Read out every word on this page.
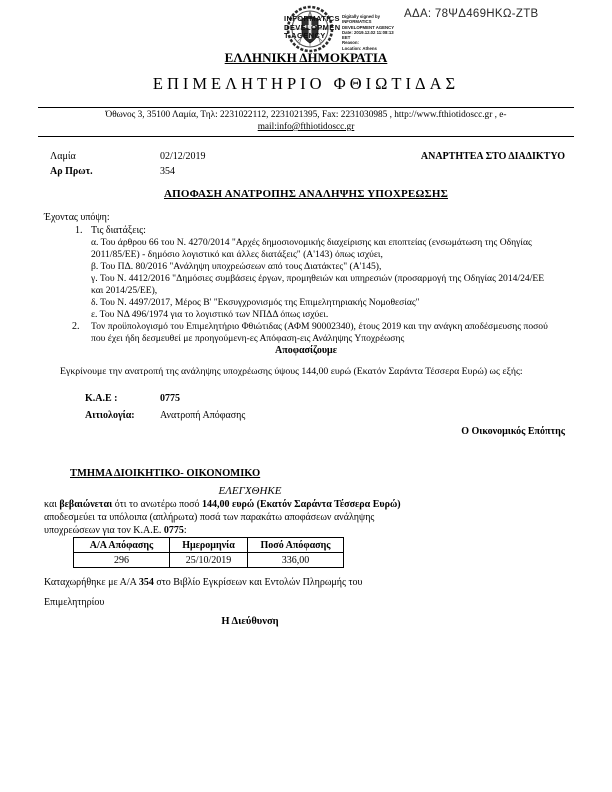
ΑΔΑ: 78ΨΔ469ΗΚΩ-ΖΤΒ
INFORMATICS
DEVELOPMEN
T AGENCY
Digitally signed by
INFORMATICS
DEVELOPMENT AGENCY
Date: 2019.12.02 11:08:13
EET
Reason:
Location: Athens
ΕΛΛΗΝΙΚΗ ΔΗΜΟΚΡΑΤΙΑ
ΕΠΙΜΕΛΗΤΗΡΙΟ ΦΘΙΩΤΙΔΑΣ
Όθωνος 3, 35100 Λαμία, Τηλ: 2231022112, 2231021395, Fax: 2231030985 , http://www.fthiotidoscc.gr , e-
mail:info@fthiotidoscc.gr
Λαμία	02/12/2019	ΑΝΑΡΤΗΤΕΑ ΣΤΟ ΔΙΑΔΙΚΤΥΟ
Αρ Πρωτ.	354
ΑΠΟΦΑΣΗ ΑΝΑΤΡΟΠΗΣ ΑΝΑΛΗΨΗΣ ΥΠΟΧΡΕΩΣΗΣ
Έχοντας υπόψη:
1. Τις διατάξεις:
α. Του άρθρου 66 του Ν. 4270/2014 "Αρχές δημοσιονομικής διαχείρισης και εποπτείας (ενσωμάτωση της Οδηγίας
2011/85/ΕΕ) - δημόσιο λογιστικό και άλλες διατάξεις" (Α'143) όπως ισχύει,
β. Του ΠΔ. 80/2016 "Ανάληψη υποχρεώσεων από τους Διατάκτες" (Α'145),
γ. Του Ν. 4412/2016 "Δημόσιες συμβάσεις έργων, προμηθειών και υπηρεσιών (προσαρμογή της Οδηγίας 2014/24/ΕΕ
και 2014/25/ΕΕ),
δ. Του Ν. 4497/2017, Μέρος Β' "Εκσυγχρονισμός της Επιμελητηριακής Νομοθεσίας"
ε. Του ΝΔ 496/1974 για το λογιστικό των ΝΠΔΔ όπως ισχύει.
2. Τον προϋπολογισμό του Επιμελητήριο Φθιώτιδας (ΑΦΜ 90002340), έτους 2019 και την ανάγκη αποδέσμευσης ποσού
που έχει ήδη δεσμευθεί με προηγούμενη-ες Απόφαση-εις Ανάληψης Υποχρέωσης
Αποφασίζουμε
Εγκρίνουμε την ανατροπή της ανάληψης υποχρέωσης ύψους 144,00 ευρώ (Εκατόν Σαράντα Τέσσερα Ευρώ) ως εξής:
Κ.Α.Ε :	0775
Αιτιολογία:	Ανατροπή Απόφασης
Ο Οικονομικός Επόπτης
ΤΜΗΜΑ ΔΙΟΙΚΗΤΙΚΟ- ΟΙΚΟΝΟΜΙΚΟ
ΕΛΕΓΧΘΗΚΕ
και βεβαιώνεται ότι το ανωτέρω ποσό 144,00 ευρώ (Εκατόν Σαράντα Τέσσερα Ευρώ)
αποδεσμεύει τα υπόλοιπα (απλήρωτα) ποσά των παρακάτω αποφάσεων ανάληψης
υποχρεώσεων για τον Κ.Α.Ε. 0775:
Α/Α Απόφασης	Ημερομηνία	Ποσό Απόφασης
296	25/10/2019	336,00
Καταχωρήθηκε με Α/Α 354 στο Βιβλίο Εγκρίσεων και Εντολών Πληρωμής του
Επιμελητηρίου
Η Διεύθυνση
